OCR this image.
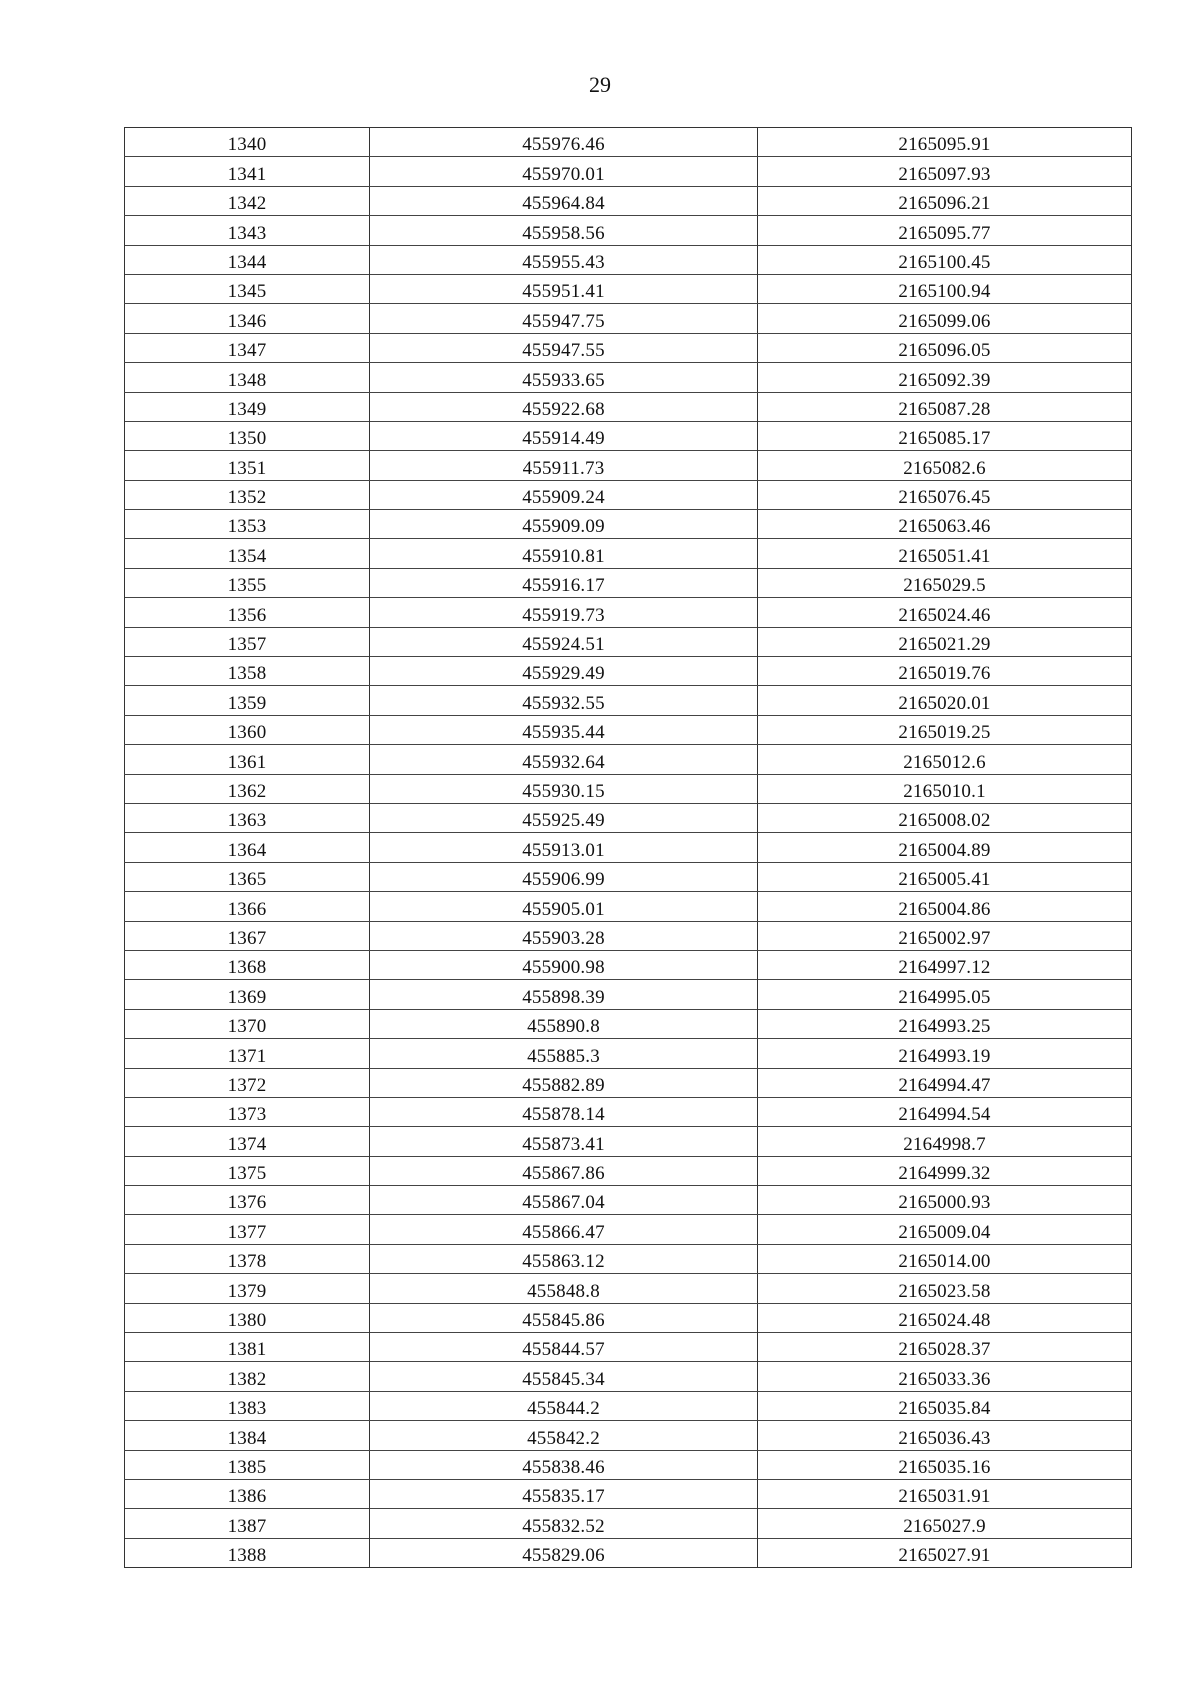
29
1340	455976.46	2165095.91
1341	455970.01	2165097.93
1342	455964.84	2165096.21
1343	455958.56	2165095.77
1344	455955.43	2165100.45
1345	455951.41	2165100.94
1346	455947.75	2165099.06
1347	455947.55	2165096.05
1348	455933.65	2165092.39
1349	455922.68	2165087.28
1350	455914.49	2165085.17
1351	455911.73	2165082.6
1352	455909.24	2165076.45
1353	455909.09	2165063.46
1354	455910.81	2165051.41
1355	455916.17	2165029.5
1356	455919.73	2165024.46
1357	455924.51	2165021.29
1358	455929.49	2165019.76
1359	455932.55	2165020.01
1360	455935.44	2165019.25
1361	455932.64	2165012.6
1362	455930.15	2165010.1
1363	455925.49	2165008.02
1364	455913.01	2165004.89
1365	455906.99	2165005.41
1366	455905.01	2165004.86
1367	455903.28	2165002.97
1368	455900.98	2164997.12
1369	455898.39	2164995.05
1370	455890.8	2164993.25
1371	455885.3	2164993.19
1372	455882.89	2164994.47
1373	455878.14	2164994.54
1374	455873.41	2164998.7
1375	455867.86	2164999.32
1376	455867.04	2165000.93
1377	455866.47	2165009.04
1378	455863.12	2165014.00
1379	455848.8	2165023.58
1380	455845.86	2165024.48
1381	455844.57	2165028.37
1382	455845.34	2165033.36
1383	455844.2	2165035.84
1384	455842.2	2165036.43
1385	455838.46	2165035.16
1386	455835.17	2165031.91
1387	455832.52	2165027.9
1388	455829.06	2165027.91
